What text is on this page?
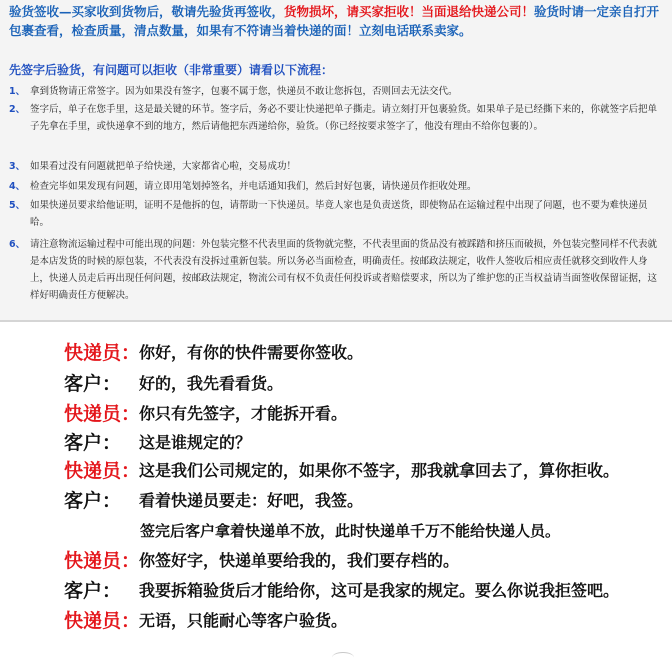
验货签收—买家收到货物后，敬请先验货再签收，货物损坏，请买家拒收！当面退给快递公司！验货时请一定亲自打开包裹查看，检查质量，清点数量，如果有不符请当着快递的面！立刻电话联系卖家。
先签字后验货，有问题可以拒收（非常重要）请看以下流程：
1、 拿到货物请正常签字。因为如果没有签字，包裹不属于您，快递员不敢让您拆包，否则回去无法交代。
2、 签字后，单子在您手里，这是最关键的环节。签字后，务必不要让快递把单子撕走。请立刻打开包裹验货。如果单子是已经撕下来的，你就签字后把单子先拿在手里，或快递拿不到的地方，然后请他把东西递给你，验货。（你已经按要求签字了，他没有理由不给你包裹的）。
3、 如果看过没有问题就把单子给快递，大家都省心啦，交易成功！
4、 检查完毕如果发现有问题，请立即用笔划掉签名，并电话通知我们，然后封好包裹，请快递员作拒收处理。
5、 如果快递员要求给他证明，证明不是他拆的包，请帮助一下快递员。毕竟人家也是负责送货，即使物品在运输过程中出现了问题，也不要为难快递员哈。
6、 请注意物流运输过程中可能出现的问题：外包装完整不代表里面的货物就完整，不代表里面的货品没有被踩踏和挤压而破损，外包装完整同样不代表就是本店发货的时候的原包装，不代表没有没拆过重新包装。所以务必当面检查，明确责任。按邮政法规定，收件人签收后相应责任就移交到收件人身上，快递人员走后再出现任何问题，按邮政法规定，物流公司有权不负责任何投诉或者赔偿要求，所以为了维护您的正当权益请当面签收保留证据，这样好明确责任方便解决。
快递员：
你好，有你的快件需要你签收。
客户： 好的，我先看看货。
快递员：
你只有先签字，才能拆开看。
客户： 这是谁规定的？
快递员：
这是我们公司规定的，如果你不签字，那我就拿回去了，算你拒收。
客户： 看着快递员要走：好吧，我签。
签完后客户拿着快递单不放，此时快递单千万不能给快递人员。
快递员：
你签好字，快递单要给我的，我们要存档的。
客户： 我要拆箱验货后才能给你，这可是我家的规定。要么你说我拒签吧。
快递员：
无语，只能耐心等客户验货。
